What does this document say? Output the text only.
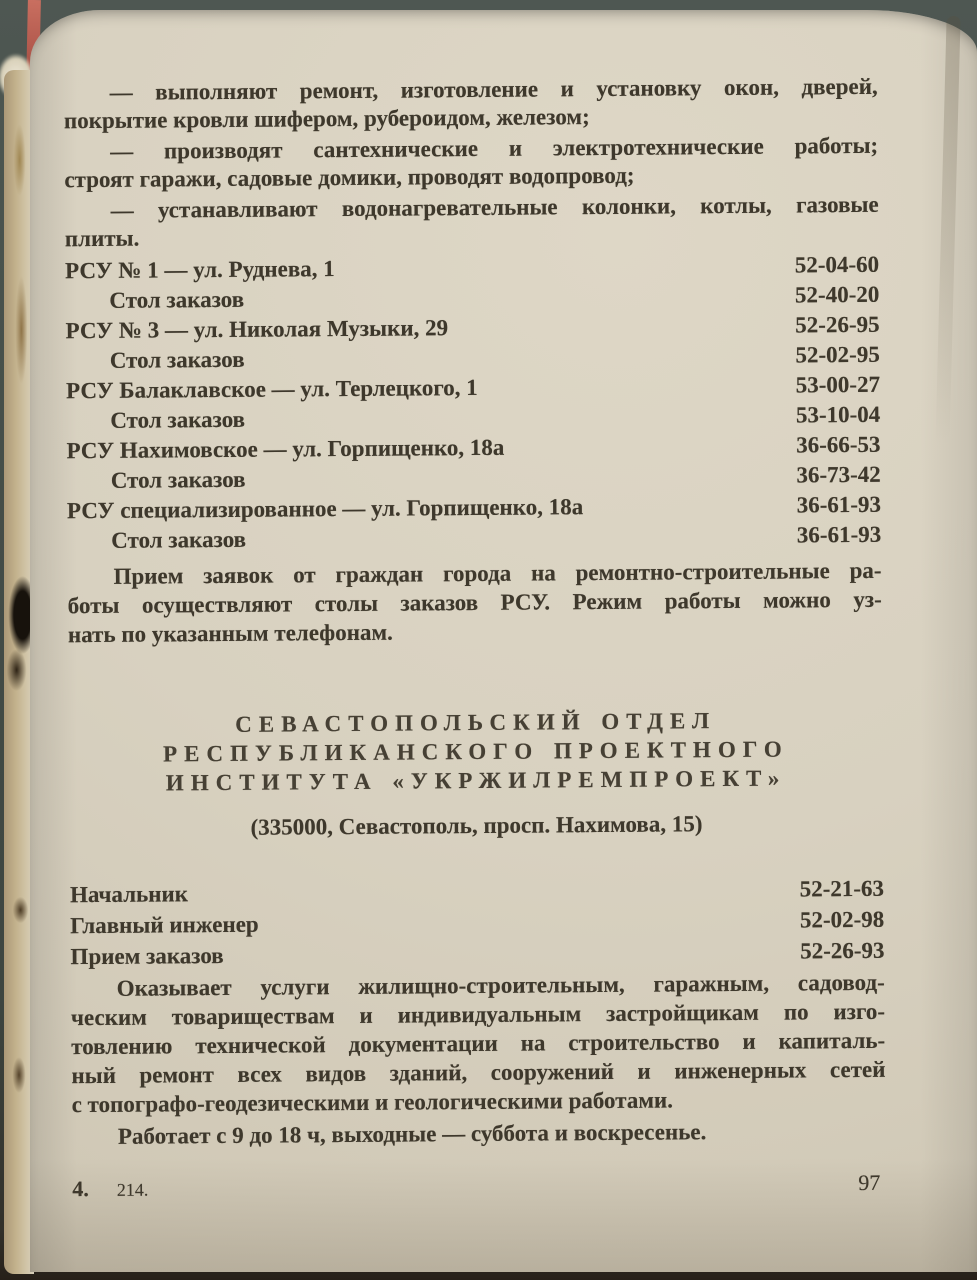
— выполняют ремонт, изготовление и установку окон, дверей,
покрытие кровли шифером, рубероидом, железом;
— производят сантехнические и электротехнические работы;
строят гаражи, садовые домики, проводят водопровод;
— устанавливают водонагревательные колонки, котлы, газовые
плиты.
РСУ № 1 — ул. Руднева, 1	52-04-60
Стол заказов	52-40-20
РСУ № 3 — ул. Николая Музыки, 29	52-26-95
Стол заказов	52-02-95
РСУ Балаклавское — ул. Терлецкого, 1	53-00-27
Стол заказов	53-10-04
РСУ Нахимовское — ул. Горпищенко, 18а	36-66-53
Стол заказов	36-73-42
РСУ специализированное — ул. Горпищенко, 18а	36-61-93
Стол заказов	36-61-93
Прием заявок от граждан города на ремонтно-строительные ра-
боты осуществляют столы заказов РСУ. Режим работы можно уз-
нать по указанным телефонам.
СЕВАСТОПОЛЬСКИЙ ОТДЕЛ
РЕСПУБЛИКАНСКОГО ПРОЕКТНОГО
ИНСТИТУТА «УКРЖИЛРЕМПРОЕКТ»
(335000, Севастополь, просп. Нахимова, 15)
Начальник	52-21-63
Главный инженер	52-02-98
Прием заказов	52-26-93
Оказывает услуги жилищно-строительным, гаражным, садовод-
ческим товариществам и индивидуальным застройщикам по изго-
товлению технической документации на строительство и капиталь-
ный ремонт всех видов зданий, сооружений и инженерных сетей
с топографо-геодезическими и геологическими работами.
Работает с 9 до 18 ч, выходные — суббота и воскресенье.
4. 214.	97
